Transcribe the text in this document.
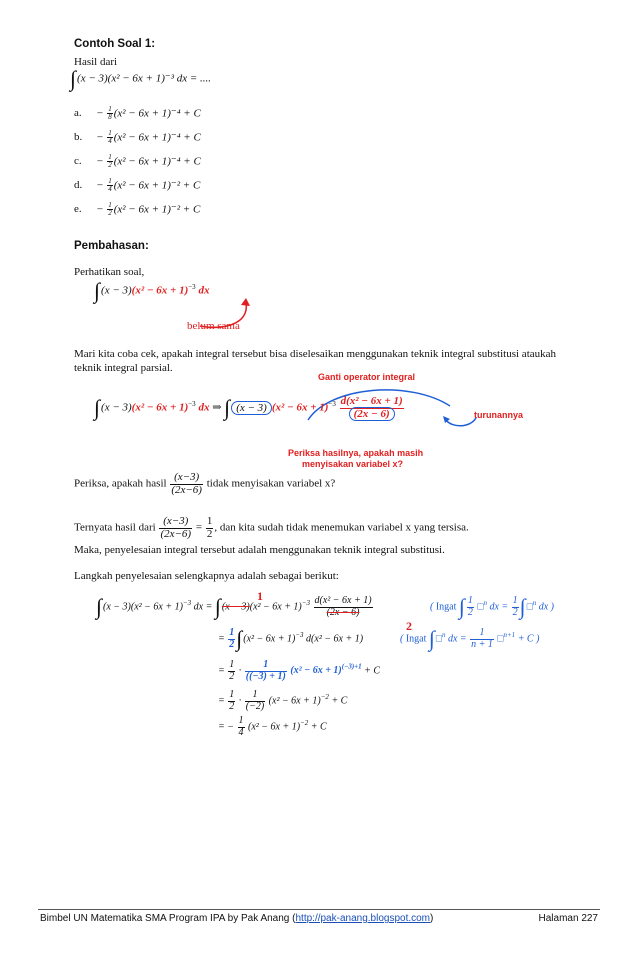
Contoh Soal 1:
Hasil dari
∫(x − 3)(x² − 6x + 1)⁻³ dx = ....
a. − $\frac{1}{8} (x^2 - 6x + 1)^{-4} + C$
b. − $\frac{1}{4} (x^2 - 6x + 1)^{-4} + C$
c. − $\frac{1}{2} (x^2 - 6x + 1)^{-4} + C$
d. − $\frac{1}{4} (x^2 - 6x + 1)^{-2} + C$
e. − $\frac{1}{2} (x^2 - 6x + 1)^{-2} + C$
Pembahasan:
Perhatikan soal,
$\int(x - 3)(x^2 - 6x + 1)^{-3}$ dx
belum sama
Mari kita coba cek, apakah integral tersebut bisa diselesaikan menggunakan teknik integral substitusi ataukah
teknik integral parsial.
Ganti operator integral
$\int(x - 3)(x^2 - 6x + 1)^{-3}$ dx ⇒ ∫ (x − 3) $(x^2 - 6x + 1)^{-3} \frac{\text{d(x² − 6x + 1)}}{(2x - 6)}$	turunannya
Periksa hasilnya, apakah masih
menyisakan variabel x?
Periksa, apakah hasil $\frac{(x-3)}{(2x-6)}$ tidak menyisakan variabel x?
Ternyata hasil dari $\frac{(x-3)}{(2x-6)} = \frac{1}{2}$ , dan kita sudah tidak menemukan variabel x yang tersisa.
Maka, penyelesaian integral tersebut adalah menggunakan teknik integral substitusi.
Langkah penyelesaian selengkapnya adalah sebagai berikut:
$\int(x - 3)(x^2 - 6x + 1)^{-3}$ dx = $\int(x - 3)(x^2 - 6x + 1)^{-3} \frac{\text{d(x² − 6x + 1)}}{(2x - 6)}$
1
2
( Ingat ∫ $\frac{1}{2}$ □$^n$ dx = $\frac{1}{2}$ ∫□$^n$ dx )
= $\frac{1}{2} \int(x^2 - 6x + 1)^{-3}$ d(x² − 6x + 1)	( Ingat ∫□$^n$ dx = $\frac{1}{n + 1}$ □$^{n+1}$ + C )
= $\frac{1}{2} \cdot \frac{1}{((-3) + 1)} (x^2 - 6x + 1)^{(-3)+1} + C$
= $\frac{1}{2} \cdot \frac{1}{(-2)} (x^2 - 6x + 1)^{-2} + C$
= − $\frac{1}{4} (x^2 - 6x + 1)^{-2} + C$
Bimbel UN Matematika SMA Program IPA by Pak Anang (http://pak-anang.blogspot.com)	Halaman 227
